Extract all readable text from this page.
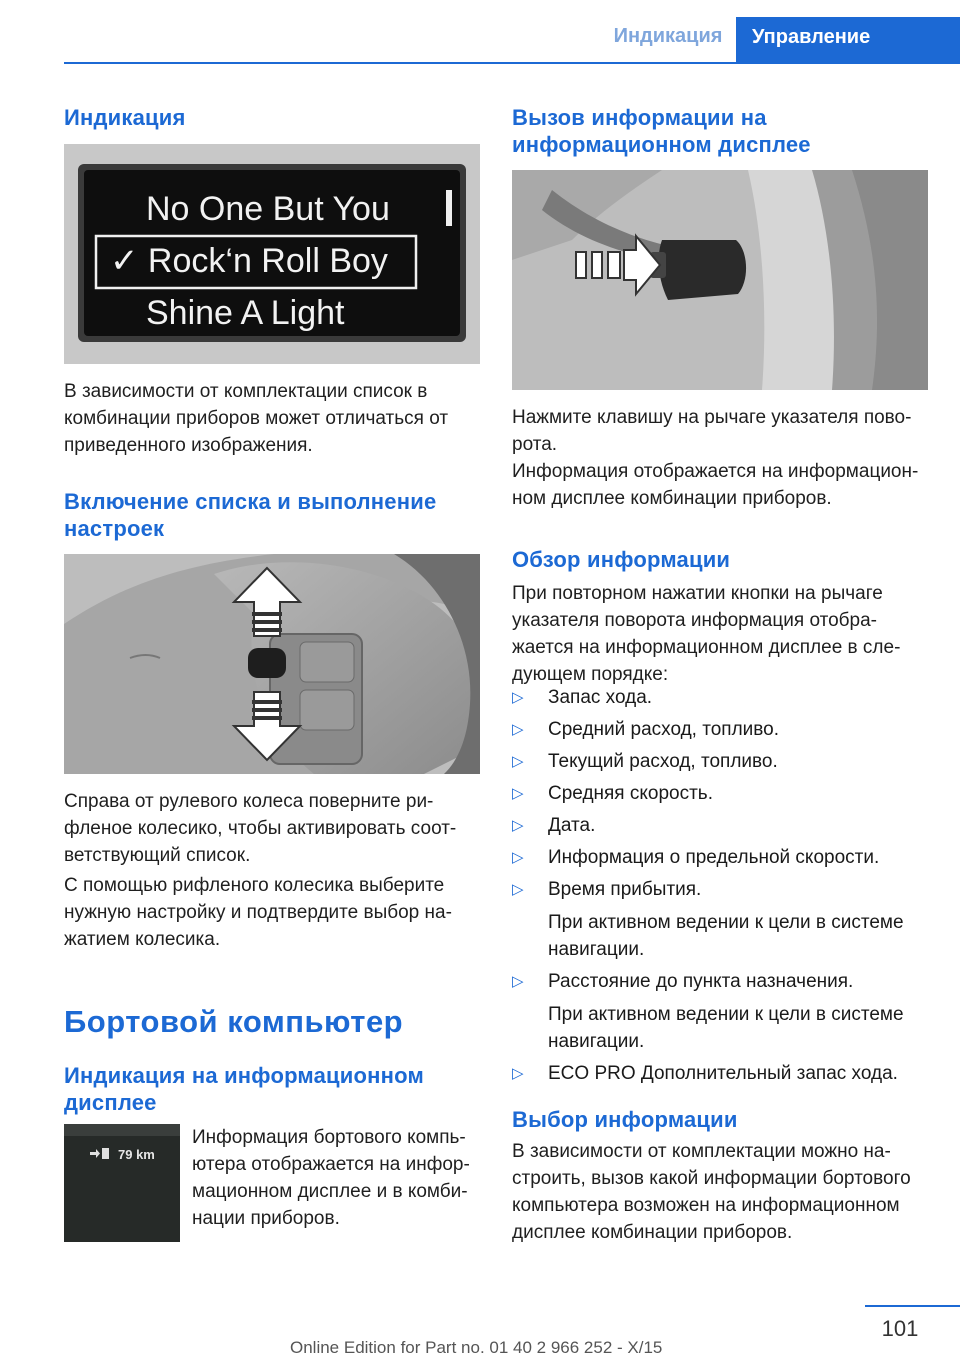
Индикация	Управление
Индикация
No One But You
✓ Rock‘n Roll Boy
Shine A Light
В зависимости от комплектации список в комбинации приборов может отличаться от приведенного изображения.
Включение списка и выполнение настроек
Справа от рулевого колеса поверните ри‐ фленое колесико, чтобы активировать соот‐ ветствующий список.
С помощью рифленого колесика выберите нужную настройку и подтвердите выбор на‐ жатием колесика.
Бортовой компьютер
Индикация на информационном дисплее
79 km
Информация бортового компь‐ ютера отображается на инфор‐ мационном дисплее и в комби‐ нации приборов.
Вызов информации на информационном дисплее
Нажмите клавишу на рычаге указателя пово‐ рота.
Информация отображается на информацион‐ ном дисплее комбинации приборов.
Обзор информации
При повторном нажатии кнопки на рычаге указателя поворота информация отобра‐ жается на информационном дисплее в сле‐ дующем порядке:
▷ Запас хода.
▷ Средний расход, топливо.
▷ Текущий расход, топливо.
▷ Средняя скорость.
▷ Дата.
▷ Информация о предельной скорости.
▷ Время прибытия.
При активном ведении к цели в системе навигации.
▷ Расстояние до пункта назначения.
При активном ведении к цели в системе навигации.
▷ ECO PRO Дополнительный запас хода.
Выбор информации
В зависимости от комплектации можно на‐ строить, вызов какой информации бортового компьютера возможен на информационном дисплее комбинации приборов.
101
Online Edition for Part no. 01 40 2 966 252 - X/15
